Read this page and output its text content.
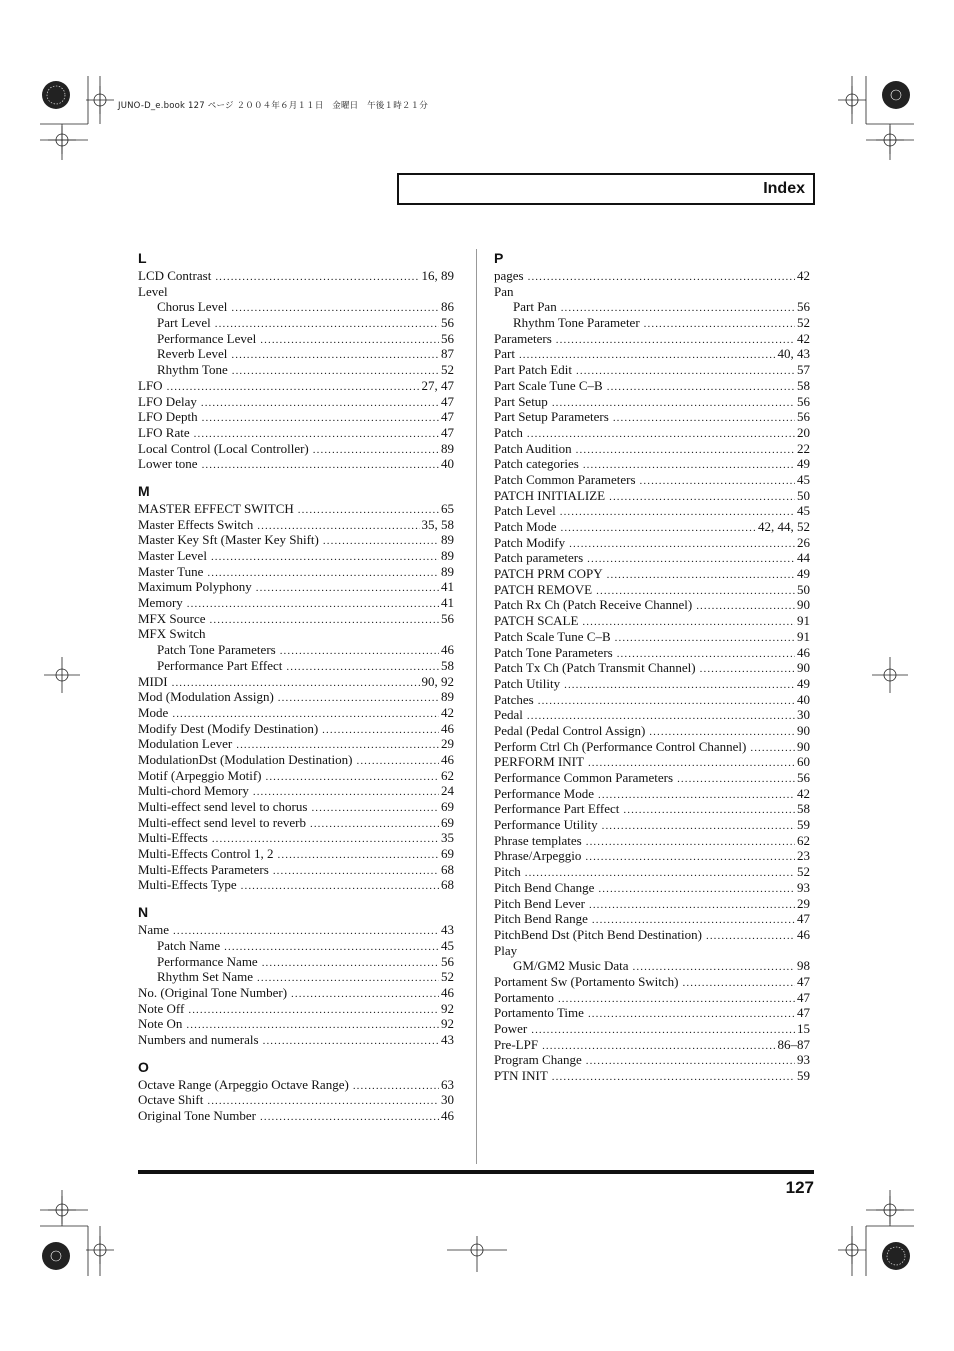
JUNO-D_e.book 127 ページ ２００４年６月１１日　金曜日　午後１時２１分
Index
L
LCD Contrast .....	16, 89
Level
Chorus Level .....	86
Part Level .....	56
Performance Level .....	56
Reverb Level .....	87
Rhythm Tone .....	52
LFO .....	27, 47
LFO Delay .....	47
LFO Depth .....	47
LFO Rate .....	47
Local Control (Local Controller) .....	89
Lower tone .....	40
M
MASTER EFFECT SWITCH .....	65
Master Effects Switch .....	35, 58
Master Key Sft (Master Key Shift) .....	89
Master Level .....	89
Master Tune .....	89
Maximum Polyphony .....	41
Memory .....	41
MFX Source .....	56
MFX Switch
Patch Tone Parameters .....	46
Performance Part Effect .....	58
MIDI .....	90, 92
Mod (Modulation Assign) .....	89
Mode .....	42
Modify Dest (Modify Destination) .....	46
Modulation Lever .....	29
ModulationDst (Modulation Destination) .....	46
Motif (Arpeggio Motif) .....	62
Multi-chord Memory .....	24
Multi-effect send level to chorus .....	69
Multi-effect send level to reverb .....	69
Multi-Effects .....	35
Multi-Effects Control 1, 2 .....	69
Multi-Effects Parameters .....	68
Multi-Effects Type .....	68
N
Name .....	43
Patch Name .....	45
Performance Name .....	56
Rhythm Set Name .....	52
No. (Original Tone Number) .....	46
Note Off .....	92
Note On .....	92
Numbers and numerals .....	43
O
Octave Range (Arpeggio Octave Range) .....	63
Octave Shift .....	30
Original Tone Number .....	46
P
pages .....	42
Pan
Part Pan .....	56
Rhythm Tone Parameter .....	52
Parameters .....	42
Part .....	40, 43
Part Patch Edit .....	57
Part Scale Tune C–B .....	58
Part Setup .....	56
Part Setup Parameters .....	56
Patch .....	20
Patch Audition .....	22
Patch categories .....	49
Patch Common Parameters .....	45
PATCH INITIALIZE .....	50
Patch Level .....	45
Patch Mode .....	42, 44, 52
Patch Modify .....	26
Patch parameters .....	44
PATCH PRM COPY .....	49
PATCH REMOVE .....	50
Patch Rx Ch (Patch Receive Channel) .....	90
PATCH SCALE .....	91
Patch Scale Tune C–B .....	91
Patch Tone Parameters .....	46
Patch Tx Ch (Patch Transmit Channel) .....	90
Patch Utility .....	49
Patches .....	40
Pedal .....	30
Pedal (Pedal Control Assign) .....	90
Perform Ctrl Ch (Performance Control Channel) .....	90
PERFORM INIT .....	60
Performance Common Parameters .....	56
Performance Mode .....	42
Performance Part Effect .....	58
Performance Utility .....	59
Phrase templates .....	62
Phrase/Arpeggio .....	23
Pitch .....	52
Pitch Bend Change .....	93
Pitch Bend Lever .....	29
Pitch Bend Range .....	47
PitchBend Dst (Pitch Bend Destination) .....	46
Play
GM/GM2 Music Data .....	98
Portament Sw (Portamento Switch) .....	47
Portamento .....	47
Portamento Time .....	47
Power .....	15
Pre-LPF .....	86–87
Program Change .....	93
PTN INIT .....	59
127
